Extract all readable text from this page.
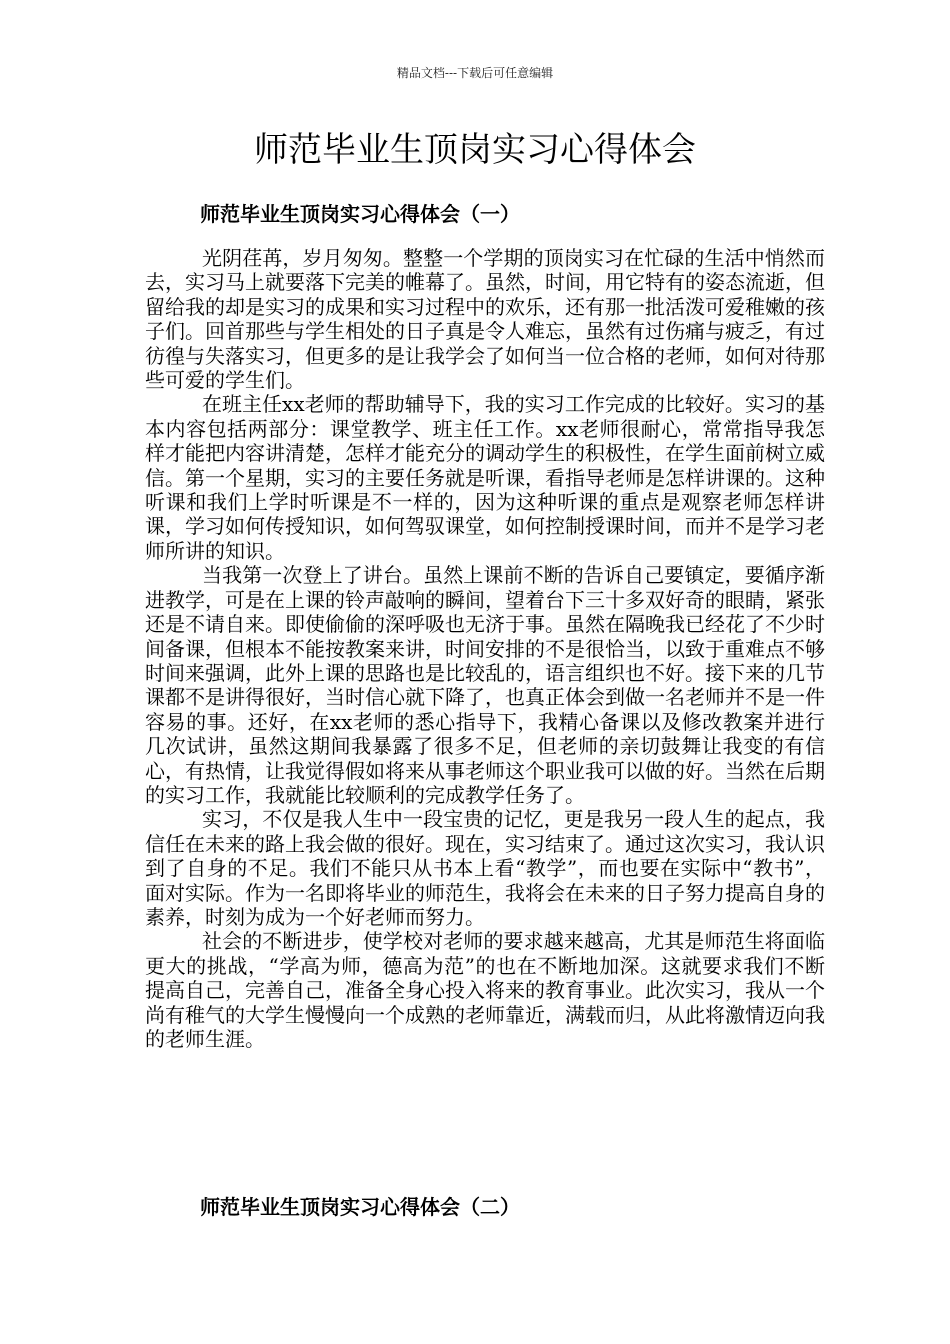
精品文档---下载后可任意编辑
师范毕业生顶岗实习心得体会
师范毕业生顶岗实习心得体会（一）

光阴荏苒，岁月匆匆。整整一个学期的顶岗实习在忙碌的生活中悄然而去，实习马上就要落下完美的帷幕了。虽然，时间，用它特有的姿态流逝，但留给我的却是实习的成果和实习过程中的欢乐，还有那一批活泼可爱稚嫩的孩子们。回首那些与学生相处的日子真是令人难忘，虽然有过伤痛与疲乏，有过彷徨与失落实习，但更多的是让我学会了如何当一位合格的老师，如何对待那些可爱的学生们。

在班主任xx老师的帮助辅导下，我的实习工作完成的比较好。实习的基本内容包括两部分：课堂教学、班主任工作。xx老师很耐心，常常指导我怎样才能把内容讲清楚，怎样才能充分的调动学生的积极性，在学生面前树立威信。第一个星期，实习的主要任务就是听课，看指导老师是怎样讲课的。这种听课和我们上学时听课是不一样的，因为这种听课的重点是观察老师怎样讲课，学习如何传授知识，如何驾驭课堂，如何控制授课时间，而并不是学习老师所讲的知识。

当我第一次登上了讲台。虽然上课前不断的告诉自己要镇定，要循序渐进教学，可是在上课的铃声敲响的瞬间，望着台下三十多双好奇的眼睛，紧张还是不请自来。即使偷偷的深呼吸也无济于事。虽然在隔晚我已经花了不少时间备课，但根本不能按教案来讲，时间安排的不是很恰当，以致于重难点不够时间来强调，此外上课的思路也是比较乱的，语言组织也不好。接下来的几节课都不是讲得很好，当时信心就下降了，也真正体会到做一名老师并不是一件容易的事。还好，在xx老师的悉心指导下，我精心备课以及修改教案并进行几次试讲，虽然这期间我暴露了很多不足，但老师的亲切鼓舞让我变的有信心，有热情，让我觉得假如将来从事老师这个职业我可以做的好。当然在后期的实习工作，我就能比较顺利的完成教学任务了。

实习，不仅是我人生中一段宝贵的记忆，更是我另一段人生的起点，我信任在未来的路上我会做的很好。现在，实习结束了。通过这次实习，我认识到了自身的不足。我们不能只从书本上看“教学”，而也要在实际中“教书”，面对实际。作为一名即将毕业的师范生，我将会在未来的日子努力提高自身的素养，时刻为成为一个好老师而努力。

社会的不断进步，使学校对老师的要求越来越高，尤其是师范生将面临更大的挑战，“学高为师，德高为范”的也在不断地加深。这就要求我们不断提高自己，完善自己，准备全身心投入将来的教育事业。此次实习，我从一个尚有稚气的大学生慢慢向一个成熟的老师靠近，满载而归，从此将激情迈向我的老师生涯。

师范毕业生顶岗实习心得体会（二）
